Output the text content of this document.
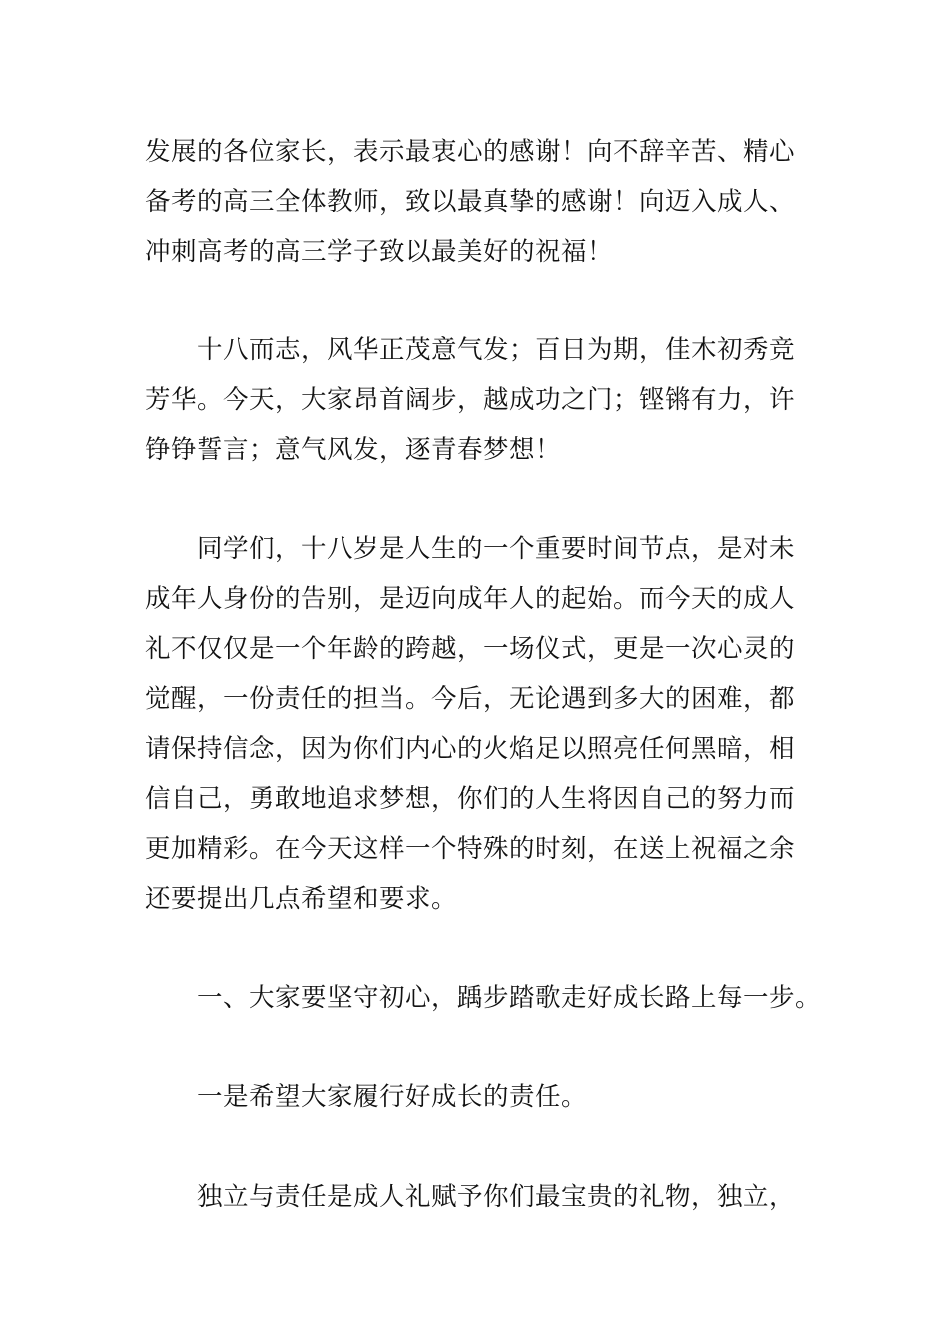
发展的各位家长，表示最衷心的感谢！向不辞辛苦、精心
备考的高三全体教师，致以最真挚的感谢！向迈入成人、
冲刺高考的高三学子致以最美好的祝福！
十八而志，风华正茂意气发；百日为期，佳木初秀竞
芳华。今天，大家昂首阔步，越成功之门；铿锵有力，许
铮铮誓言；意气风发，逐青春梦想！
同学们，十八岁是人生的一个重要时间节点，是对未
成年人身份的告别，是迈向成年人的起始。而今天的成人
礼不仅仅是一个年龄的跨越，一场仪式，更是一次心灵的
觉醒，一份责任的担当。今后，无论遇到多大的困难，都
请保持信念，因为你们内心的火焰足以照亮任何黑暗，相
信自己，勇敢地追求梦想，你们的人生将因自己的努力而
更加精彩。在今天这样一个特殊的时刻，在送上祝福之余
还要提出几点希望和要求。
一、大家要坚守初心，踽步踏歌走好成长路上每一步。
一是希望大家履行好成长的责任。
独立与责任是成人礼赋予你们最宝贵的礼物，独立，
